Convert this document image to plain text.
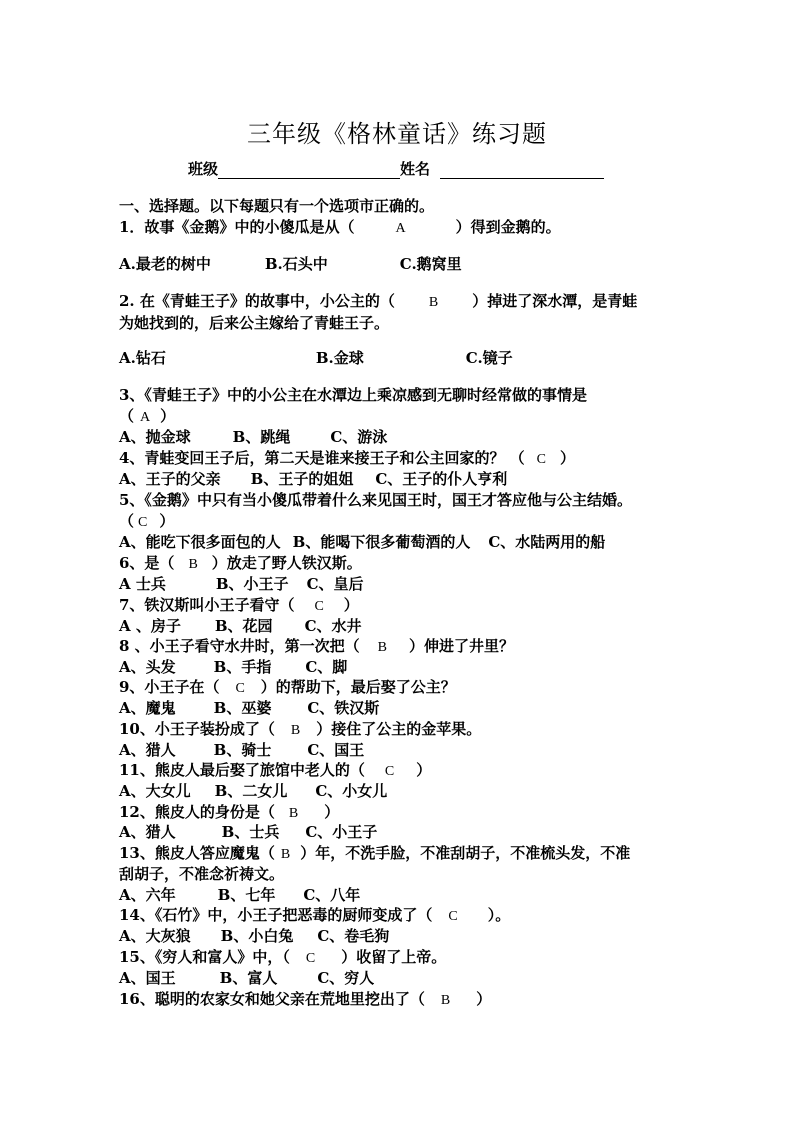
三年级《格林童话》练习题
班级	姓名
一、选择题。以下每题只有一个选项市正确的。
1．故事《金鹅》中的小傻瓜是从（	A	）得到金鹅的。
A.最老的树中	B.石头中	C.鹅窝里
2. 在《青蛙王子》的故事中，小公主的（ B ）掉进了深水潭，是青蛙
为她找到的，后来公主嫁给了青蛙王子。
A.钻石	B.金球	C.镜子
3、《青蛙王子》中的小公主在水潭边上乘凉感到无聊时经常做的事情是
（ A ）
A、抛金球	B、跳绳	C、游泳
4、青蛙变回王子后，第二天是谁来接王子和公主回家的？ （ C ）
A、王子的父亲 B、王子的姐姐 C、王子的仆人亨利
5、《金鹅》中只有当小傻瓜带着什么来见国王时，国王才答应他与公主结婚。
（ C ）
A、能吃下很多面包的人 B、能喝下很多葡萄酒的人 C、水陆两用的船
6、是（ B ）放走了野人铁汉斯。
A 士兵	B、小王子 C、皇后
7、铁汉斯叫小王子看守（ C ）
A 、房子 B、花园 C、水井
8 、小王子看守水井时，第一次把（ B ）伸进了井里？
A、头发	B、手指 C、脚
9、小王子在（ C ）的帮助下，最后娶了公主？
A、魔鬼	B、巫婆 C、铁汉斯
10、小王子装扮成了（ B ）接住了公主的金苹果。
A、猎人	B、骑士 C、国王
11、熊皮人最后娶了旅馆中老人的（ C ）
A、大女儿 B、二女儿 C、小女儿
12、熊皮人的身份是（ B ）
A、猎人	B、士兵 C、小王子
13、熊皮人答应魔鬼（ B ）年，不洗手脸，不准刮胡子，不准梳头发，不准
刮胡子，不准念祈祷文。
A、六年	B、七年 C、八年
14、《石竹》中，小王子把恶毒的厨师变成了（ C ）。
A、大灰狼 B、小白兔 C、卷毛狗
15、《穷人和富人》中，（ C ）收留了上帝。
A、国王	B、富人	C、穷人
16、聪明的农家女和她父亲在荒地里挖出了（ B ）
